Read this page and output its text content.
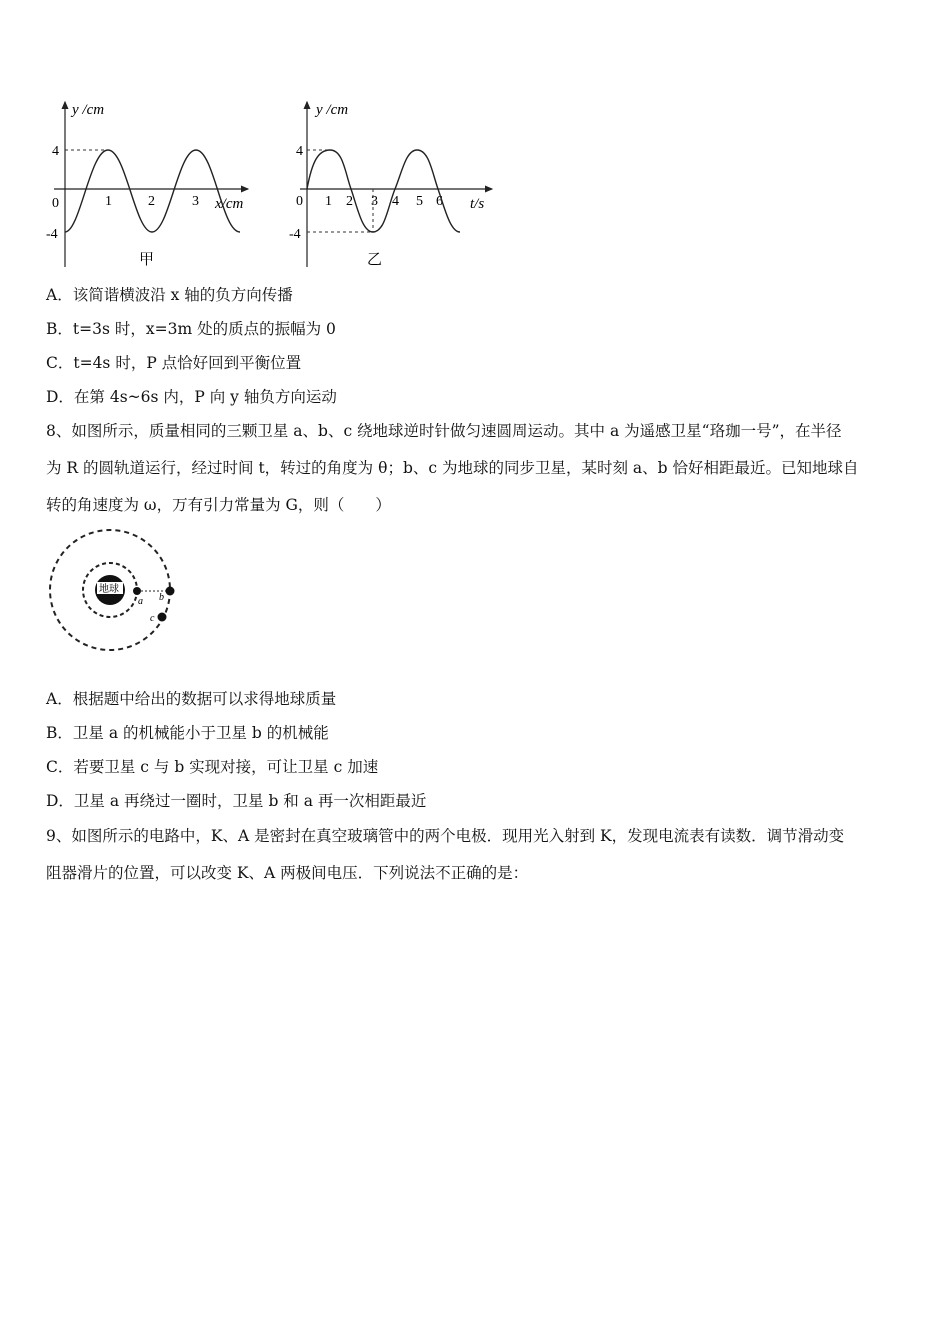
y /cm
x/cm
0
4
-4
1	2	3
甲
y /cm
t/s
0
4
-4
1 2 3 4 5 6
乙
A．该简谐横波沿 x 轴的负方向传播
B．t=3s 时，x=3m 处的质点的振幅为 0
C．t=4s 时，P 点恰好回到平衡位置
D．在第 4s~6s 内，P 向 y 轴负方向运动
8、如图所示，质量相同的三颗卫星 a、b、c 绕地球逆时针做匀速圆周运动。其中 a 为遥感卫星“珞珈一号”，在半径
为 R 的圆轨道运行，经过时间 t，转过的角度为 θ；b、c 为地球的同步卫星，某时刻 a、b 恰好相距最近。已知地球自
转的角速度为 ω，万有引力常量为 G，则（　　）
地球
a b
c
A．根据题中给出的数据可以求得地球质量
B．卫星 a 的机械能小于卫星 b 的机械能
C．若要卫星 c 与 b 实现对接，可让卫星 c 加速
D．卫星 a 再绕过一圈时，卫星 b 和 a 再一次相距最近
9、如图所示的电路中，K、A 是密封在真空玻璃管中的两个电极．现用光入射到 K，发现电流表有读数．调节滑动变
阻器滑片的位置，可以改变 K、A 两极间电压．下列说法不正确的是：
